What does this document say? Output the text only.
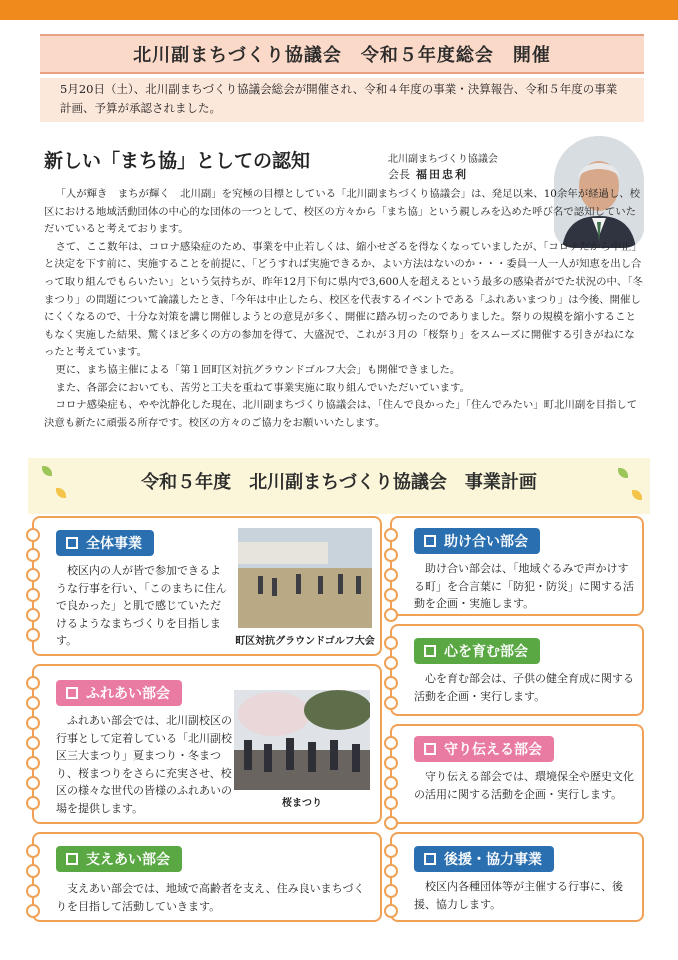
北川副まちづくり協議会　令和５年度総会　開催
5月20日（土）、北川副まちづくり協議会総会が開催され、令和４年度の事業・決算報告、令和５年度の事業計画、予算が承認されました。
新しい「まち協」としての認知	北川副まちづくり協議会
会長 福田忠利

「人が輝き　まちが輝く　北川副」を究極の目標としている「北川副まちづくり協議会」は、発足以来、10余年が経過し、校区における地域活動団体の中心的な団体の一つとして、校区の方々から「まち協」という親しみを込めた呼び名で認知していただいていると考えております。

さて、ここ数年は、コロナ感染症のため、事業を中止若しくは、縮小せざるを得なくなっていましたが、「コロナだから中止」と決定を下す前に、実施することを前提に、「どうすれば実施できるか、よい方法はないのか・・・委員一人一人が知恵を出し合って取り組んでもらいたい」という気持ちが、昨年12月下旬に県内で3,600人を超えるという最多の感染者がでた状況の中、「冬まつり」の問題について論議したとき、「今年は中止したら、校区を代表するイベントである「ふれあいまつり」は今後、開催しにくくなるので、十分な対策を講じ開催しようとの意見が多く、開催に踏み切ったのでありました。祭りの規模を縮小することもなく実施した結果、驚くほど多くの方の参加を得て、大盛況で、これが３月の「桜祭り」をスムーズに開催する引きがねになったと考えています。

更に、まち協主催による「第１回町区対抗グラウンドゴルフ大会」も開催できました。

また、各部会においても、苦労と工夫を重ねて事業実施に取り組んでいただいています。

コロナ感染症も、やや沈静化した現在、北川副まちづくり協議会は、「住んで良かった」「住んでみたい」町北川副を目指して決意も新たに頑張る所存です。校区の方々のご協力をお願いいたします。

令和５年度　北川副まちづくり協議会　事業計画
全体事業

校区内の人が皆で参加できるような行事を行い、「このまちに住んで良かった」と肌で感じていただけるようなまちづくりを目指します。	町区対抗グラウンドゴルフ大会
ふれあい部会

ふれあい部会では、北川副校区の行事として定着している「北川副校区三大まつり」夏まつり・冬まつり、桜まつりをさらに充実させ、校区の様々な世代の皆様のふれあいの場を提供します。	桜まつり
支えあい部会

支えあい部会では、地域で高齢者を支え、住み良いまちづくりを目指して活動していきます。

助け合い部会

助け合い部会は、「地域ぐるみで声かけする町」を合言葉に「防犯・防災」に関する活動を企画・実施します。

心を育む部会

心を育む部会は、子供の健全育成に関する活動を企画・実行します。

守り伝える部会

守り伝える部会では、環境保全や歴史文化の活用に関する活動を企画・実行します。

後援・協力事業

校区内各種団体等が主催する行事に、後援、協力します。
